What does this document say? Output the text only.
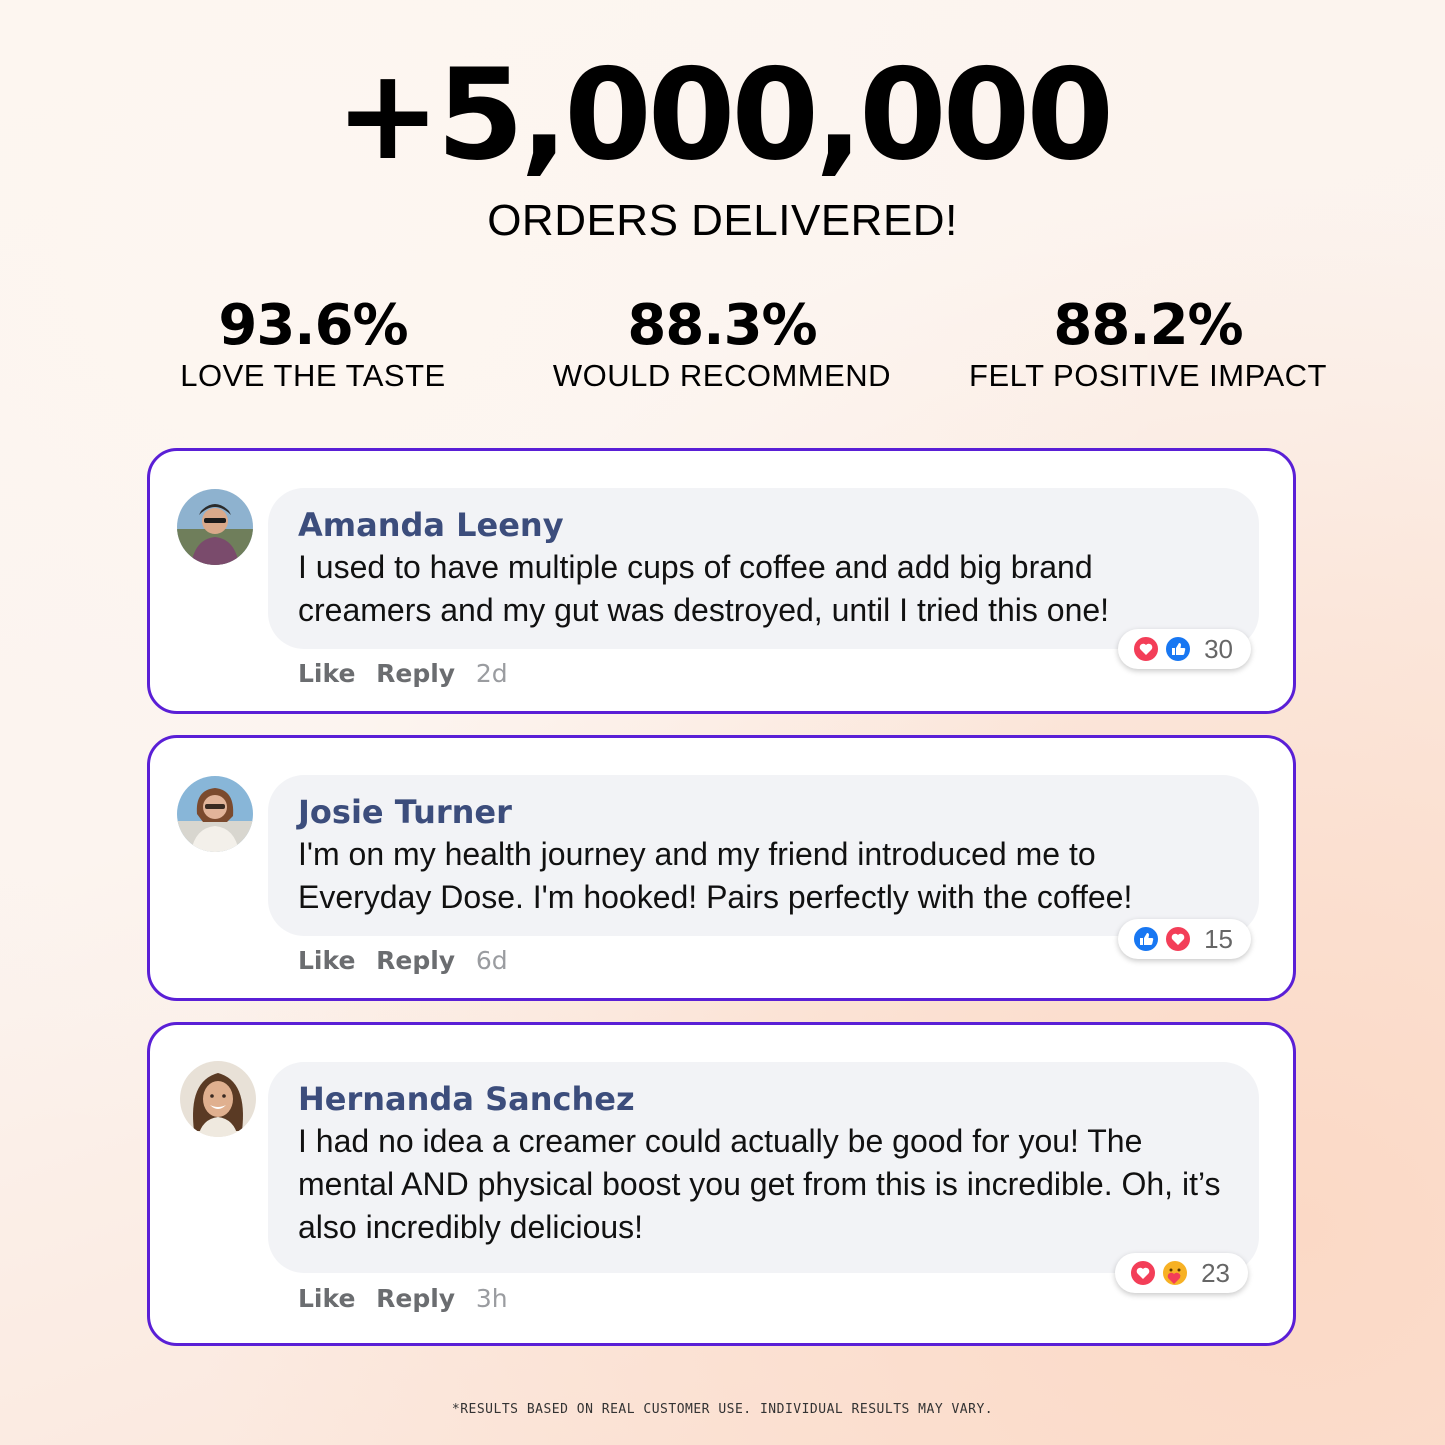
+5,000,000
ORDERS DELIVERED!
93.6%
LOVE THE TASTE
88.3%
WOULD RECOMMEND
88.2%
FELT POSITIVE IMPACT
Amanda Leeny
I used to have multiple cups of coffee and add big brand creamers and my gut was destroyed, until I tried this one!
Like Reply 2d
30
Josie Turner
I'm on my health journey and my friend introduced me to Everyday Dose. I'm hooked! Pairs perfectly with the coffee!
Like Reply 6d
15
Hernanda Sanchez
I had no idea a creamer could actually be good for you! The mental AND physical boost you get from this is incredible. Oh, it’s also incredibly delicious!
Like Reply 3h
23
*RESULTS BASED ON REAL CUSTOMER USE. INDIVIDUAL RESULTS MAY VARY.
